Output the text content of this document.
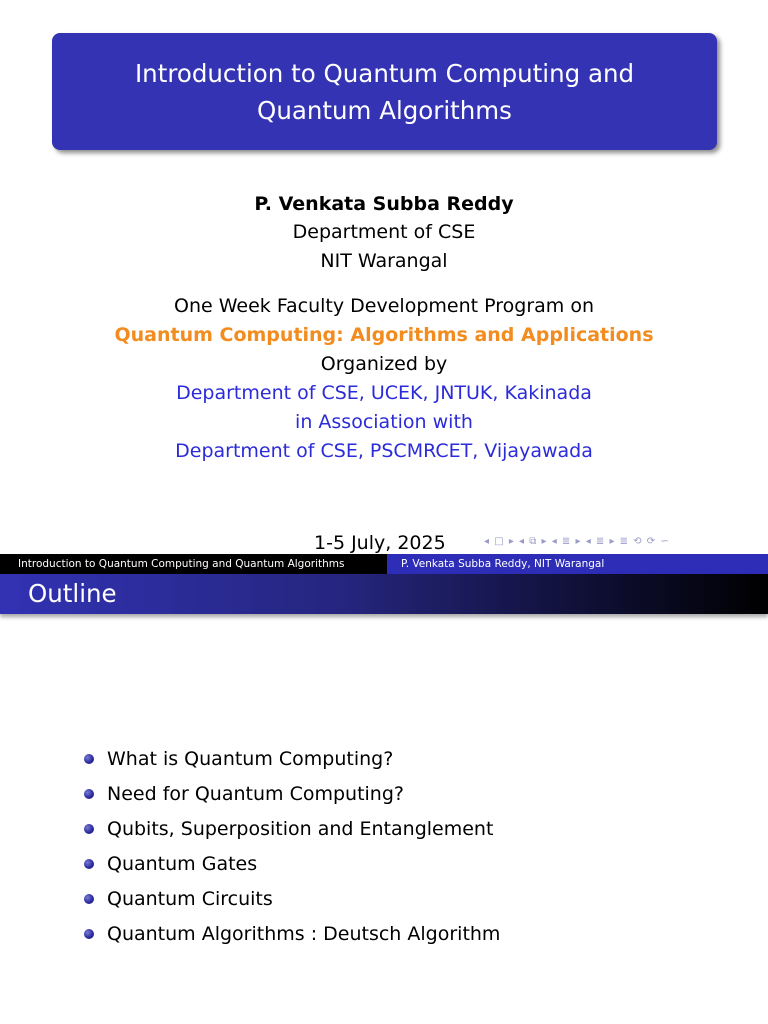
Introduction to Quantum Computing and
Quantum Algorithms
P. Venkata Subba Reddy
Department of CSE
NIT Warangal
One Week Faculty Development Program on
Quantum Computing: Algorithms and Applications
Organized by
Department of CSE, UCEK, JNTUK, Kakinada
in Association with
Department of CSE, PSCMRCET, Vijayawada
1-5 July, 2025	◂ □ ▸ ◂ ⧉ ▸ ◂ ≣ ▸ ◂ ≣ ▸ ≣ ⟲ ⟳ ∽
Introduction to Quantum Computing and Quantum Algorithms	P. Venkata Subba Reddy, NIT Warangal
Outline
What is Quantum Computing?
Need for Quantum Computing?
Qubits, Superposition and Entanglement
Quantum Gates
Quantum Circuits
Quantum Algorithms : Deutsch Algorithm
